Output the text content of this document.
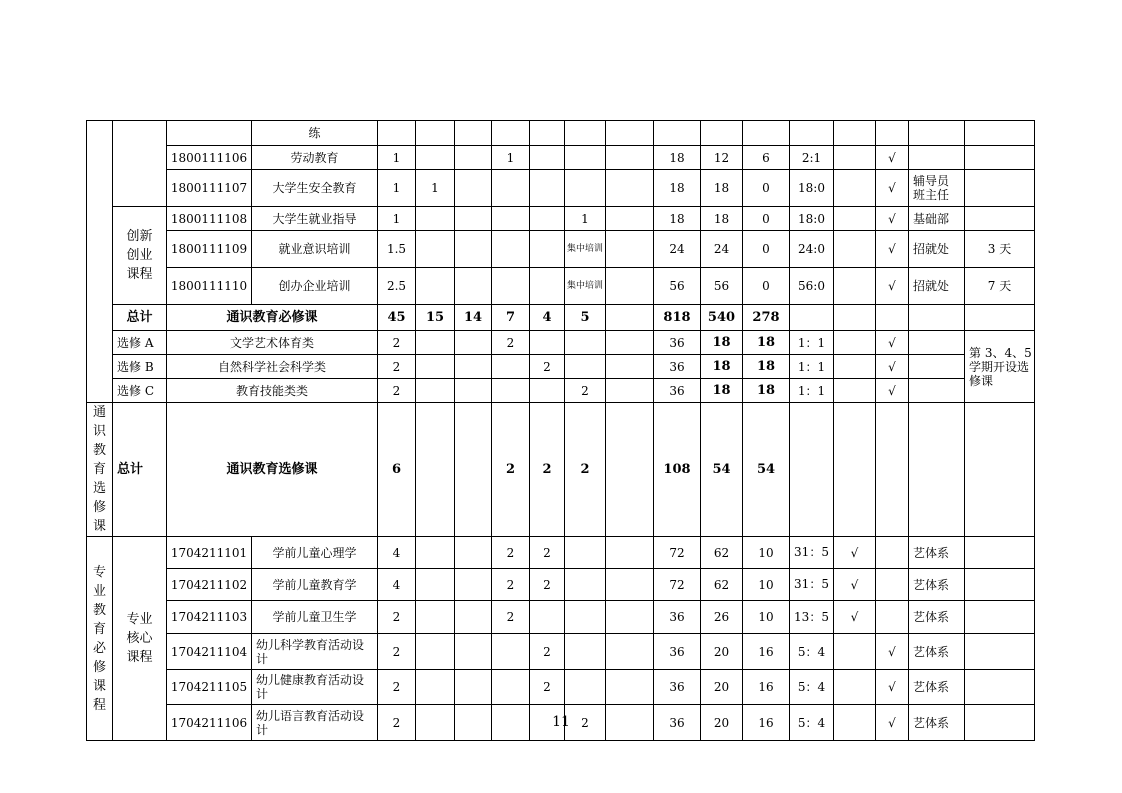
			练															
		1800111106	劳动教育	1			1				18	12	6	2:1		√		
		1800111107	大学生安全教育	1	1						18	18	0	18:0		√	辅导员 班主任	
	创新创业课程	1800111108	大学生就业指导	1					1		18	18	0	18:0		√	基础部	
		1800111109	就业意识培训	1.5					集中培训		24	24	0	24:0		√	招就处	3 天
		1800111110	创办企业培训	2.5					集中培训		56	56	0	56:0		√	招就处	7 天
	总计	通识教育必修课		45	15	14	7	4	5		818	540	278					
	选修 A	文学艺术体育类		2			2				36	18	18	1：1		√		第 3、4、5 学期开设选修课
	选修 B	自然科学社会科学类		2				2			36	18	18	1：1		√		
	选修 C	教育技能类类		2					2		36	18	18	1：1		√		
通识教育选修课	总计	通识教育选修课		6			2	2	2		108	54	54					
专业教育必修课程	专业核心课程	1704211101	学前儿童心理学	4			2	2			72	62	10	31：5	√		艺体系	
		1704211102	学前儿童教育学	4			2	2			72	62	10	31：5	√		艺体系	
		1704211103	学前儿童卫生学	2			2				36	26	10	13：5	√		艺体系	
		1704211104	幼儿科学教育活动设计	2				2			36	20	16	5：4		√	艺体系	
		1704211105	幼儿健康教育活动设计	2				2			36	20	16	5：4		√	艺体系	
		1704211106	幼儿语言教育活动设计	2					2		36	20	16	5：4		√	艺体系	
11
